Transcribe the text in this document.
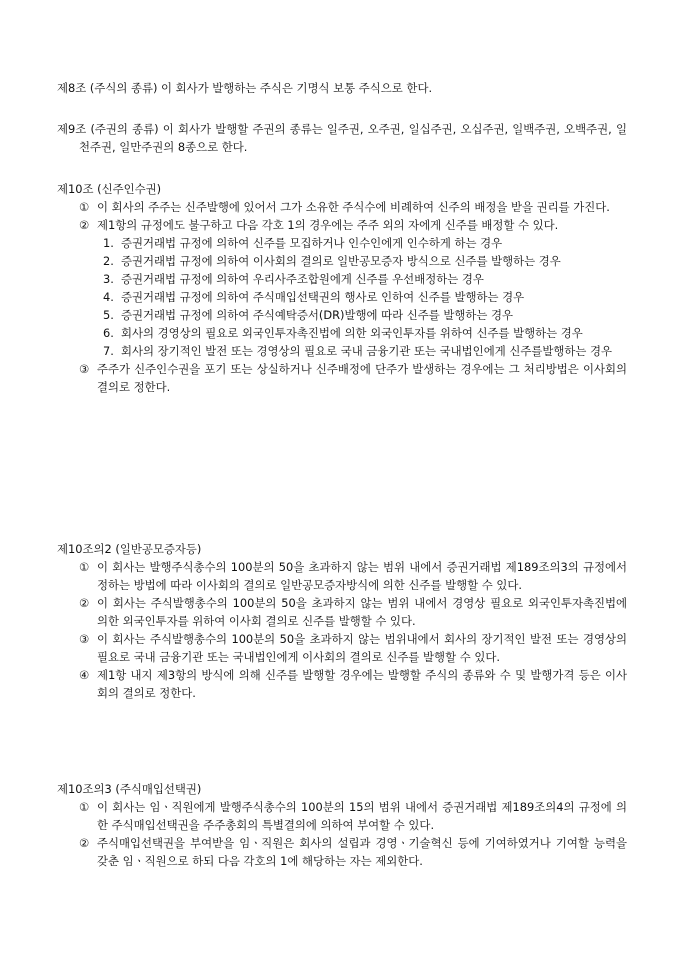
제8조 (주식의 종류) 이 회사가 발행하는 주식은 기명식 보통 주식으로 한다.

제9조 (주권의 종류) 이 회사가 발행할 주권의 종류는 일주권, 오주권, 일십주권, 오십주권, 일백주권, 오백주권, 일천주권, 일만주권의 8종으로 한다.

제10조 (신주인수권)

① 이 회사의 주주는 신주발행에 있어서 그가 소유한 주식수에 비례하여 신주의 배정을 받을 권리를 가진다.

② 제1항의 규정에도 불구하고 다음 각호 1의 경우에는 주주 외의 자에게 신주를 배정할 수 있다.

1. 증권거래법 규정에 의하여 신주를 모집하거나 인수인에게 인수하게 하는 경우

2. 증권거래법 규정에 의하여 이사회의 결의로 일반공모증자 방식으로 신주를 발행하는 경우

3. 증권거래법 규정에 의하여 우리사주조합원에게 신주를 우선배정하는 경우

4. 증권거래법 규정에 의하여 주식매입선택권의 행사로 인하여 신주를 발행하는 경우

5. 증권거래법 규정에 의하여 주식예탁증서(DR)발행에 따라 신주를 발행하는 경우

6. 회사의 경영상의 필요로 외국인투자촉진법에 의한 외국인투자를 위하여 신주를 발행하는 경우

7. 회사의 장기적인 발전 또는 경영상의 필요로 국내 금융기관 또는 국내법인에게 신주를발행하는 경우

③ 주주가 신주인수권을 포기 또는 상실하거나 신주배정에 단주가 발생하는 경우에는 그 처리방법은 이사회의 결의로 정한다.

제10조의2 (일반공모증자등)

① 이 회사는 발행주식총수의 100분의 50을 초과하지 않는 범위 내에서 증권거래법 제189조의3의 규정에서 정하는 방법에 따라 이사회의 결의로 일반공모증자방식에 의한 신주를 발행할 수 있다.

② 이 회사는 주식발행총수의 100분의 50을 초과하지 않는 범위 내에서 경영상 필요로 외국인투자촉진법에 의한 외국인투자를 위하여 이사회 결의로 신주를 발행할 수 있다.

③ 이 회사는 주식발행총수의 100분의 50을 초과하지 않는 범위내에서 회사의 장기적인 발전 또는 경영상의 필요로 국내 금융기관 또는 국내법인에게 이사회의 결의로 신주를 발행할 수 있다.

④ 제1항 내지 제3항의 방식에 의해 신주를 발행할 경우에는 발행할 주식의 종류와 수 및 발행가격 등은 이사회의 결의로 정한다.

제10조의3 (주식매입선택권)

① 이 회사는 임ㆍ직원에게 발행주식총수의 100분의 15의 범위 내에서 증권거래법 제189조의4의 규정에 의한 주식매입선택권을 주주총회의 특별결의에 의하여 부여할 수 있다.

② 주식매입선택권을 부여받을 임ㆍ직원은 회사의 설립과 경영ㆍ기술혁신 등에 기여하였거나 기여할 능력을 갖춘 임ㆍ직원으로 하되 다음 각호의 1에 해당하는 자는 제외한다.
